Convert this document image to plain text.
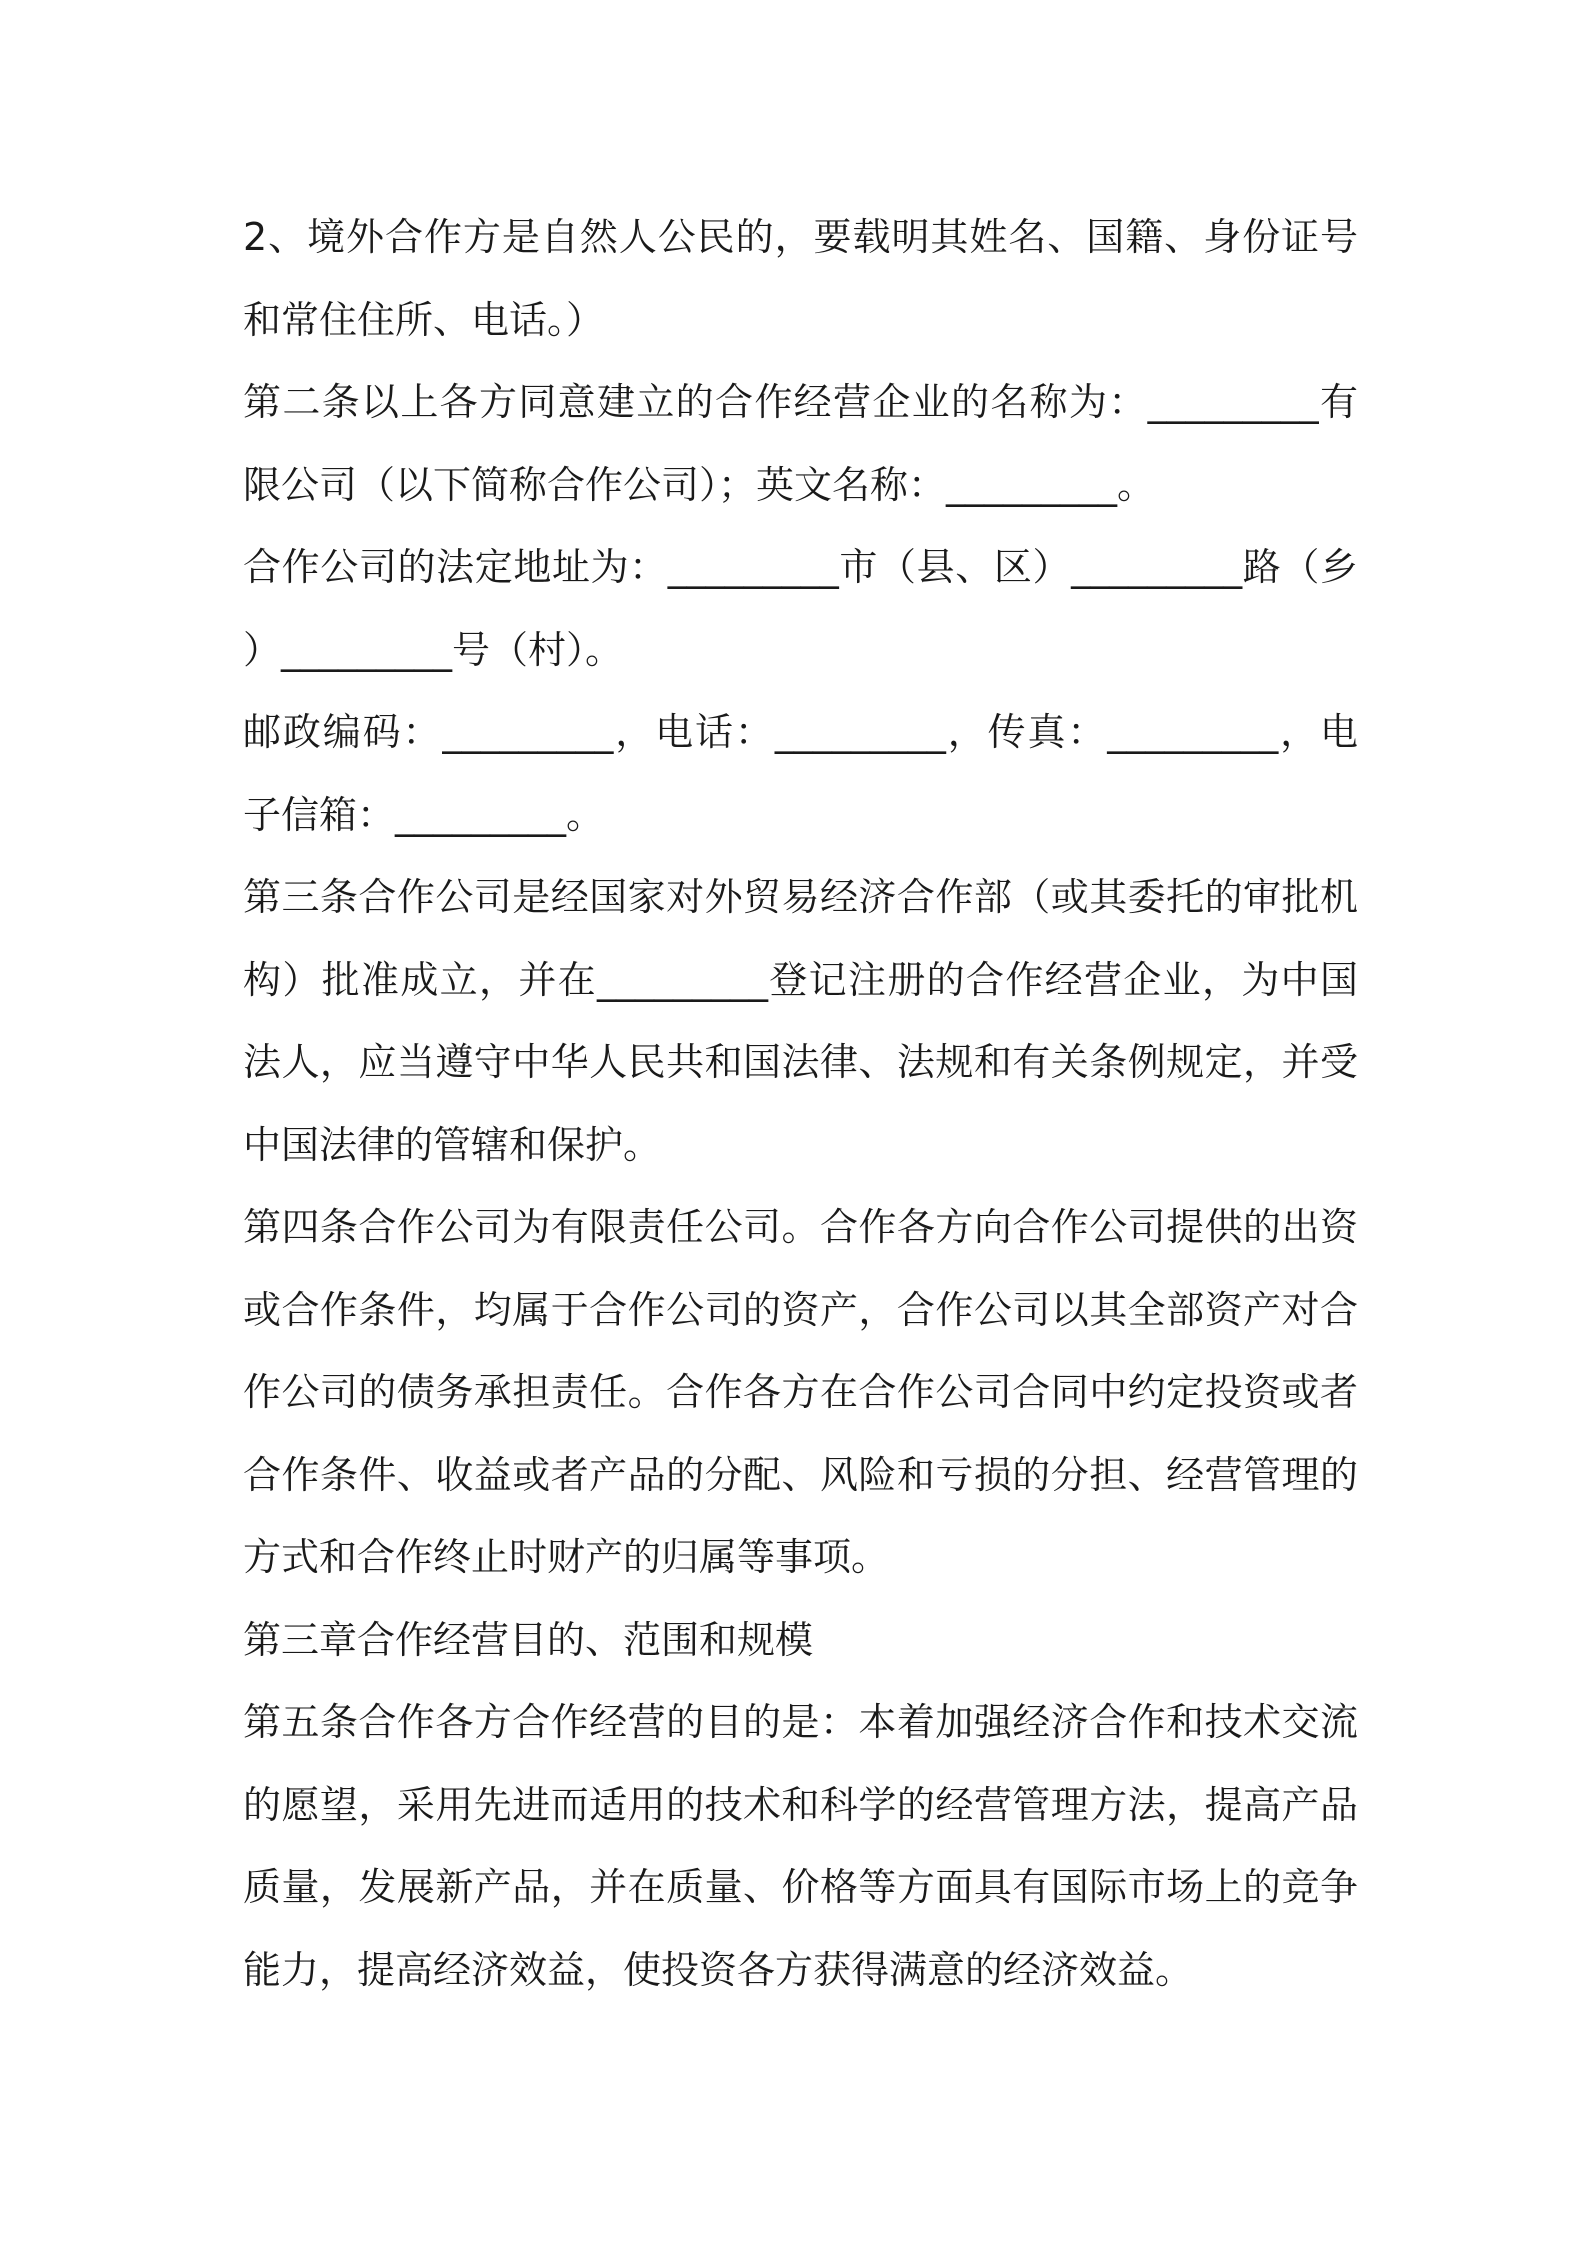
2、境外合作方是自然人公民的，要载明其姓名、国籍、身份证号和常住住所、电话。）

第二条以上各方同意建立的合作经营企业的名称为：_________有限公司（以下简称合作公司）；英文名称：_________。

合作公司的法定地址为：_________市（县、区）_________路（乡）_________号（村）。

邮政编码：_________，电话：_________，传真：_________，电子信箱：_________。

第三条合作公司是经国家对外贸易经济合作部（或其委托的审批机构）批准成立，并在_________登记注册的合作经营企业，为中国法人，应当遵守中华人民共和国法律、法规和有关条例规定，并受中国法律的管辖和保护。

第四条合作公司为有限责任公司。合作各方向合作公司提供的出资或合作条件，均属于合作公司的资产，合作公司以其全部资产对合作公司的债务承担责任。合作各方在合作公司合同中约定投资或者合作条件、收益或者产品的分配、风险和亏损的分担、经营管理的方式和合作终止时财产的归属等事项。

第三章合作经营目的、范围和规模

第五条合作各方合作经营的目的是：本着加强经济合作和技术交流的愿望，采用先进而适用的技术和科学的经营管理方法，提高产品质量，发展新产品，并在质量、价格等方面具有国际市场上的竞争能力，提高经济效益，使投资各方获得满意的经济效益。
